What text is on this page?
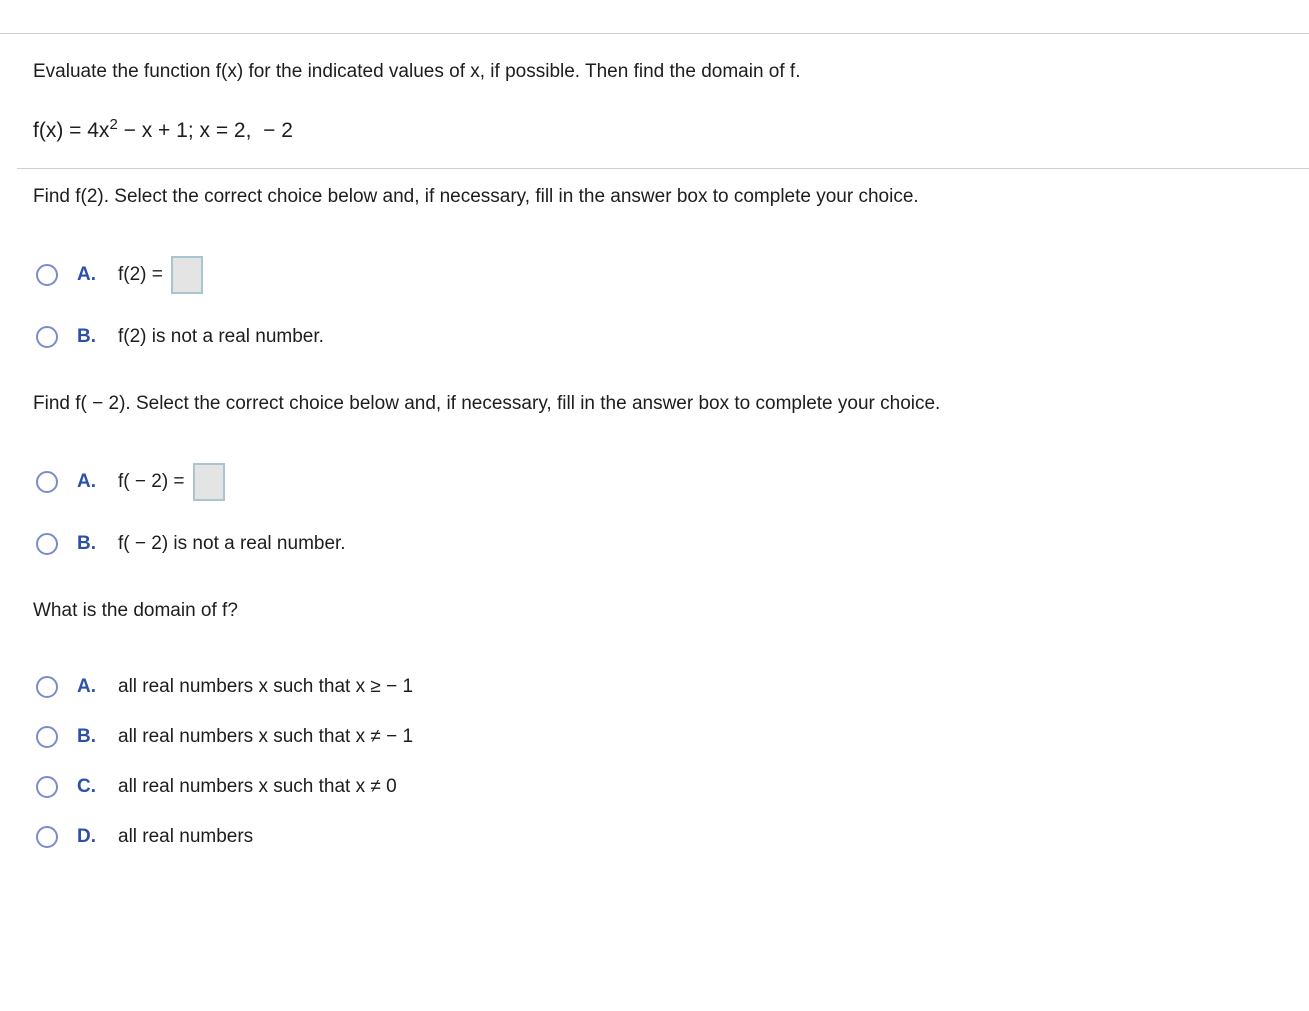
Evaluate the function f(x) for the indicated values of x, if possible. Then find the domain of f.
$f(x) = 4x^2 - x + 1$; x = 2,  − 2
Find f(2). Select the correct choice below and, if necessary, fill in the answer box to complete your choice.
A.	f(2) =
B.	f(2) is not a real number.
Find f( − 2). Select the correct choice below and, if necessary, fill in the answer box to complete your choice.
A.	f( − 2) =
B.	f( − 2) is not a real number.
What is the domain of f?
A.	all real numbers x such that x ≥ − 1
B.	all real numbers x such that x ≠ − 1
C.	all real numbers x such that x ≠ 0
D.	all real numbers
